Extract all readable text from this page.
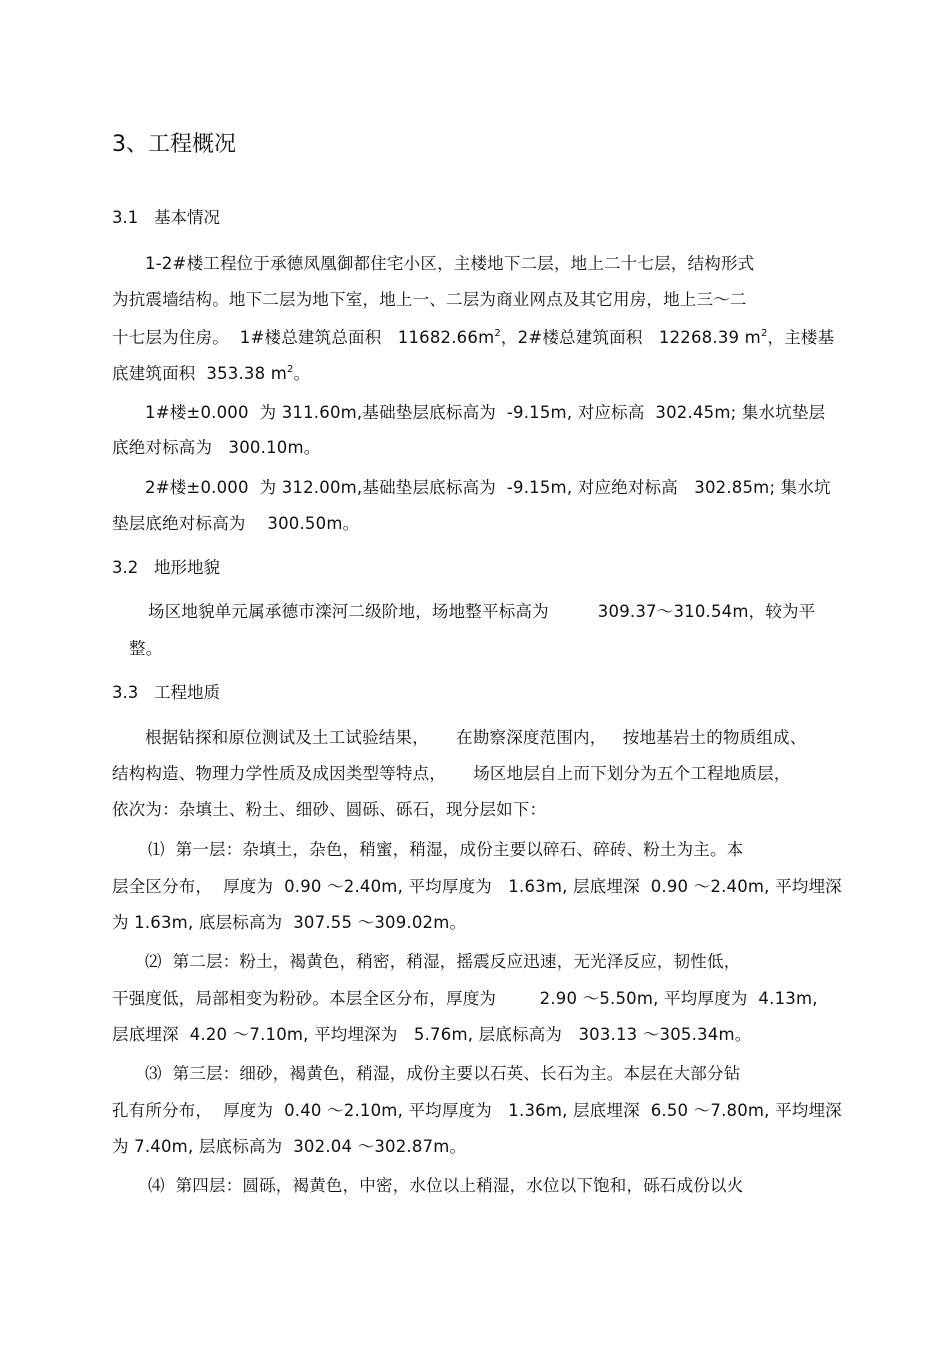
3、工程概况
3.1   基本情况
1-2#楼工程位于承德凤凰御都住宅小区，主楼地下二层，地上二十七层，结构形式
为抗震墙结构。地下二层为地下室，地上一、二层为商业网点及其它用房，地上三～二
十七层为住房。  1#楼总建筑总面积   $11682.66m^2$，2#楼总建筑面积   12268.39 $m^2$，主楼基
底建筑面积  353.38 $m^2$。
1#楼±0.000  为 311.60m,基础垫层底标高为  -9.15m, 对应标高  302.45m; 集水坑垫层
底绝对标高为   300.10m。
2#楼±0.000  为 312.00m,基础垫层底标高为  -9.15m, 对应绝对标高   302.85m; 集水坑
垫层底绝对标高为    300.50m。
3.2   地形地貌
场区地貌单元属承德市滦河二级阶地，场地整平标高为         309.37～310.54m，较为平
整。
3.3   工程地质
根据钻探和原位测试及土工试验结果，     在勘察深度范围内，   按地基岩土的物质组成、
结构构造、物理力学性质及成因类型等特点，     场区地层自上而下划分为五个工程地质层，
依次为：杂填土、粉土、细砂、圆砾、砾石，现分层如下：
⑴  第一层：杂填土，杂色，稍蜜，稍湿，成份主要以碎石、碎砖、粉土为主。本
层全区分布，  厚度为  0.90 ～2.40m, 平均厚度为   1.63m, 层底埋深  0.90 ～2.40m, 平均埋深
为 1.63m, 底层标高为  307.55 ～309.02m。
⑵  第二层：粉土，褐黄色，稍密，稍湿，摇震反应迅速，无光泽反应，韧性低，
干强度低，局部相变为粉砂。本层全区分布，厚度为        2.90 ～5.50m, 平均厚度为  4.13m,
层底埋深  4.20 ～7.10m, 平均埋深为   5.76m, 层底标高为   303.13 ～305.34m。
⑶  第三层：细砂，褐黄色，稍湿，成份主要以石英、长石为主。本层在大部分钻
孔有所分布，  厚度为  0.40 ～2.10m, 平均厚度为   1.36m, 层底埋深  6.50 ～7.80m, 平均埋深
为 7.40m, 层底标高为  302.04 ～302.87m。
⑷  第四层：圆砾，褐黄色，中密，水位以上稍湿，水位以下饱和，砾石成份以火
